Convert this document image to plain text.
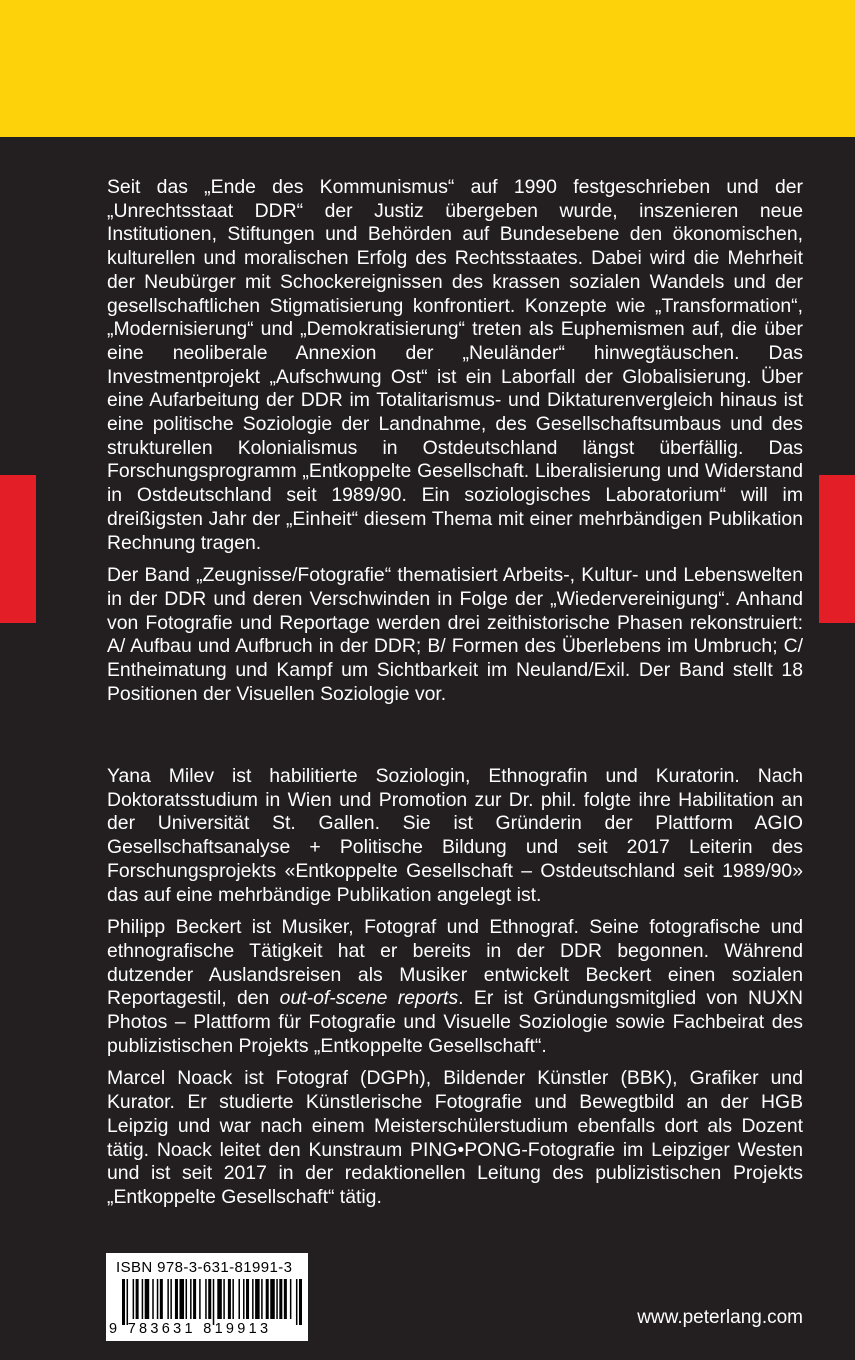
Seit das „Ende des Kommunismus“ auf 1990 festgeschrieben und der „Unrechtsstaat DDR“ der Justiz übergeben wurde, inszenieren neue Institutionen, Stiftungen und Behörden auf Bundesebene den ökonomischen, kulturellen und moralischen Erfolg des Rechtsstaates. Dabei wird die Mehrheit der Neubürger mit Schockereignissen des krassen sozialen Wandels und der gesellschaftlichen Stigmatisierung konfrontiert. Konzepte wie „Transformation“, „Modernisierung“ und „Demokratisierung“ treten als Euphemismen auf, die über eine neoliberale Annexion der „Neuländer“ hinwegtäuschen. Das Investmentprojekt „Aufschwung Ost“ ist ein Laborfall der Globalisierung. Über eine Aufarbeitung der DDR im Totalitarismus- und Diktaturenvergleich hinaus ist eine politische Soziologie der Landnahme, des Gesellschaftsumbaus und des strukturellen Kolonialismus in Ostdeutschland längst überfällig. Das Forschungsprogramm „Entkoppelte Gesellschaft. Liberalisierung und Widerstand in Ostdeutschland seit 1989/90. Ein soziologisches Laboratorium“ will im dreißigsten Jahr der „Einheit“ diesem Thema mit einer mehrbändigen Publikation Rechnung tragen.

Der Band „Zeugnisse/Fotografie“ thematisiert Arbeits-, Kultur- und Lebenswelten in der DDR und deren Verschwinden in Folge der „Wiedervereinigung“. Anhand von Fotografie und Reportage werden drei zeithistorische Phasen rekonstruiert: A/ Aufbau und Aufbruch in der DDR; B/ Formen des Überlebens im Umbruch; C/ Entheimatung und Kampf um Sichtbarkeit im Neuland/Exil. Der Band stellt 18 Positionen der Visuellen Soziologie vor.

Yana Milev ist habilitierte Soziologin, Ethnografin und Kuratorin. Nach Doktoratsstudium in Wien und Promotion zur Dr. phil. folgte ihre Habilitation an der Universität St. Gallen. Sie ist Gründerin der Plattform AGIO Gesellschaftsanalyse + Politische Bildung und seit 2017 Leiterin des Forschungsprojekts «Entkoppelte Gesellschaft – Ostdeutschland seit 1989/90» das auf eine mehrbändige Publikation angelegt ist.

Philipp Beckert ist Musiker, Fotograf und Ethnograf. Seine fotografische und ethnografische Tätigkeit hat er bereits in der DDR begonnen. Während dutzender Auslandsreisen als Musiker entwickelt Beckert einen sozialen Reportagestil, den out-of-scene reports. Er ist Gründungsmitglied von NUXN Photos – Plattform für Fotografie und Visuelle Soziologie sowie Fachbeirat des publizistischen Projekts „Entkoppelte Gesellschaft“.

Marcel Noack ist Fotograf (DGPh), Bildender Künstler (BBK), Grafiker und Kurator. Er studierte Künstlerische Fotografie und Bewegtbild an der HGB Leipzig und war nach einem Meisterschülerstudium ebenfalls dort als Dozent tätig. Noack leitet den Kunstraum PING•PONG-Fotografie im Leipziger Westen und ist seit 2017 in der redaktionellen Leitung des publizistischen Projekts „Entkoppelte Gesellschaft“ tätig.

ISBN 978-3-631-81991-3
9 783631 819913
www.peterlang.com
